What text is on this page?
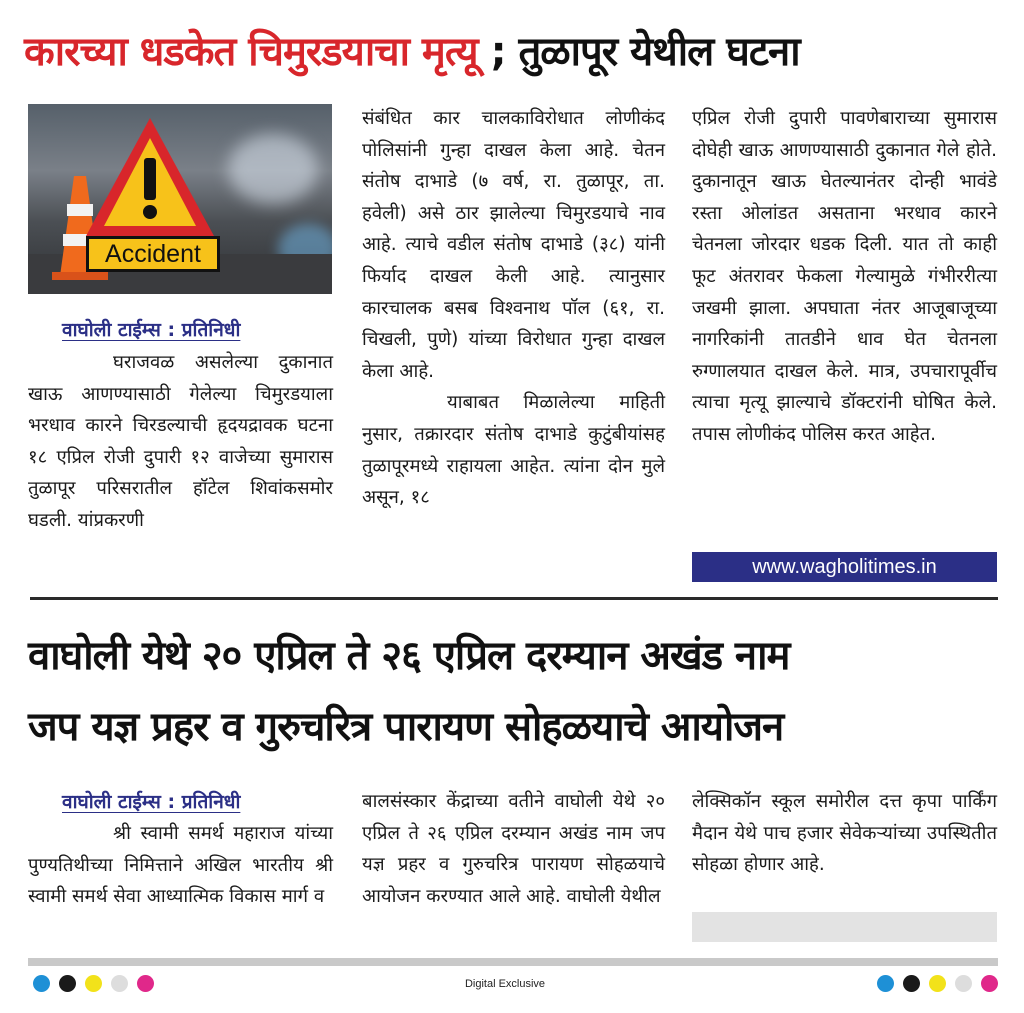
कारच्या धडकेत चिमुरडयाचा मृत्यू ; तुळापूर येथील घटना
Accident
वाघोली टाईम्स : प्रतिनिधी

घराजवळ असलेल्या दुकानात खाऊ आणण्यासाठी गेलेल्या चिमुरडयाला भरधाव कारने चिरडल्याची हृदयद्रावक घटना १८ एप्रिल रोजी दुपारी १२ वाजेच्या सुमारास तुळापूर परिसरातील हॉटेल शिवांकसमोर घडली. यांप्रकरणी

संबंधित कार चालकाविरोधात लोणीकंद पोलिसांनी गुन्हा दाखल केला आहे. चेतन संतोष दाभाडे (७ वर्ष, रा. तुळापूर, ता. हवेली) असे ठार झालेल्या चिमुरडयाचे नाव आहे. त्याचे वडील संतोष दाभाडे (३८) यांनी फिर्याद दाखल केली आहे. त्यानुसार कारचालक बसब विश्वनाथ पॉल (६१, रा. चिखली, पुणे) यांच्या विरोधात गुन्हा दाखल केला आहे.

याबाबत मिळालेल्या माहिती नुसार, तक्रारदार संतोष दाभाडे कुटुंबीयांसह तुळापूरमध्ये राहायला आहेत. त्यांना दोन मुले असून, १८

एप्रिल रोजी दुपारी पावणेबाराच्या सुमारास दोघेही खाऊ आणण्यासाठी दुकानात गेले होते. दुकानातून खाऊ घेतल्यानंतर दोन्ही भावंडे रस्ता ओलांडत असताना भरधाव कारने चेतनला जोरदार धडक दिली. यात तो काही फूट अंतरावर फेकला गेल्यामुळे गंभीररीत्या जखमी झाला. अपघाता नंतर आजूबाजूच्या नागरिकांनी तातडीने धाव घेत चेतनला रुग्णालयात दाखल केले. मात्र, उपचारापूर्वीच त्याचा मृत्यू झाल्याचे डॉक्टरांनी घोषित केले. तपास लोणीकंद पोलिस करत आहेत.

www.wagholitimes.in
वाघोली येथे २० एप्रिल ते २६ एप्रिल दरम्यान अखंड नाम
जप यज्ञ प्रहर व गुरुचरित्र पारायण सोहळयाचे आयोजन
वाघोली टाईम्स : प्रतिनिधी

श्री स्वामी समर्थ महाराज यांच्या पुण्यतिथीच्या निमित्ताने अखिल भारतीय श्री स्वामी समर्थ सेवा आध्यात्मिक विकास मार्ग व

बालसंस्कार केंद्राच्या वतीने वाघोली येथे २० एप्रिल ते २६ एप्रिल दरम्यान अखंड नाम जप यज्ञ प्रहर व गुरुचरित्र पारायण सोहळयाचे आयोजन करण्यात आले आहे. वाघोली येथील

लेक्सिकॉन स्कूल समोरील दत्त कृपा पार्किंग मैदान येथे पाच हजार सेवेकऱ्यांच्या उपस्थितीत सोहळा होणार आहे.

Digital Exclusive
